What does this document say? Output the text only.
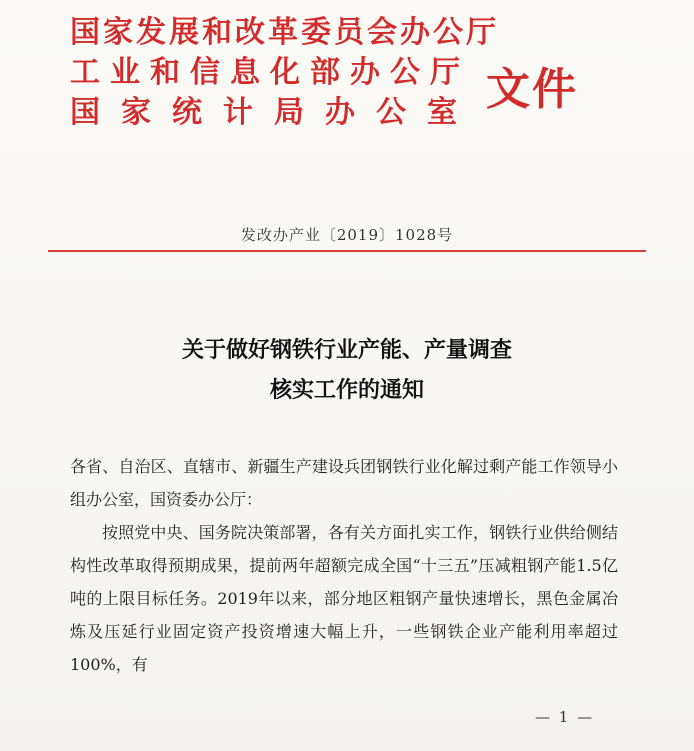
国家发展和改革委员会办公厅
工业和信息化部办公厅
国家统计局办公室 文件
发改办产业〔2019〕1028号
关于做好钢铁行业产能、产量调查
核实工作的通知

各省、自治区、直辖市、新疆生产建设兵团钢铁行业化解过剩产能工作领导小组办公室，国资委办公厅：

按照党中央、国务院决策部署，各有关方面扎实工作，钢铁行业供给侧结构性改革取得预期成果，提前两年超额完成全国“十三五”压减粗钢产能1.5亿吨的上限目标任务。2019年以来，部分地区粗钢产量快速增长，黑色金属冶炼及压延行业固定资产投资增速大幅上升，一些钢铁企业产能利用率超过100%，有

— 1 —
